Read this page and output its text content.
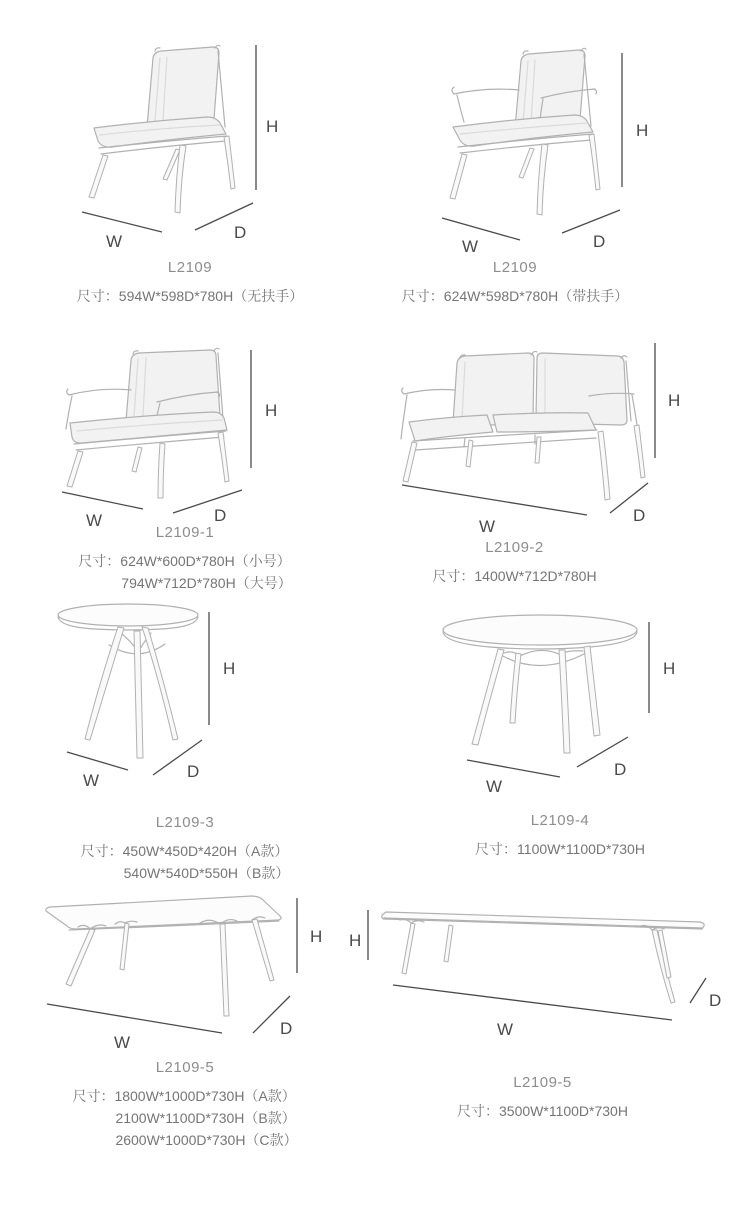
H
W	D
L2109
尺寸：594W*598D*780H（无扶手）
H
W	D
L2109
尺寸：624W*598D*780H（带扶手）
H
W	D
L2109-1
尺寸：624W*600D*780H（小号）
794W*712D*780H（大号）
H
W
D
L2109-2
尺寸：1400W*712D*780H
H
W	D
L2109-3
尺寸：450W*450D*420H（A款）
540W*540D*550H（B款）
H
W
D
L2109-4
尺寸：1100W*1100D*730H
H
W
D
L2109-5
尺寸：1800W*1000D*730H（A款）
2100W*1100D*730H（B款）
2600W*1000D*730H（C款）
H
W
D
L2109-5
尺寸：3500W*1100D*730H
